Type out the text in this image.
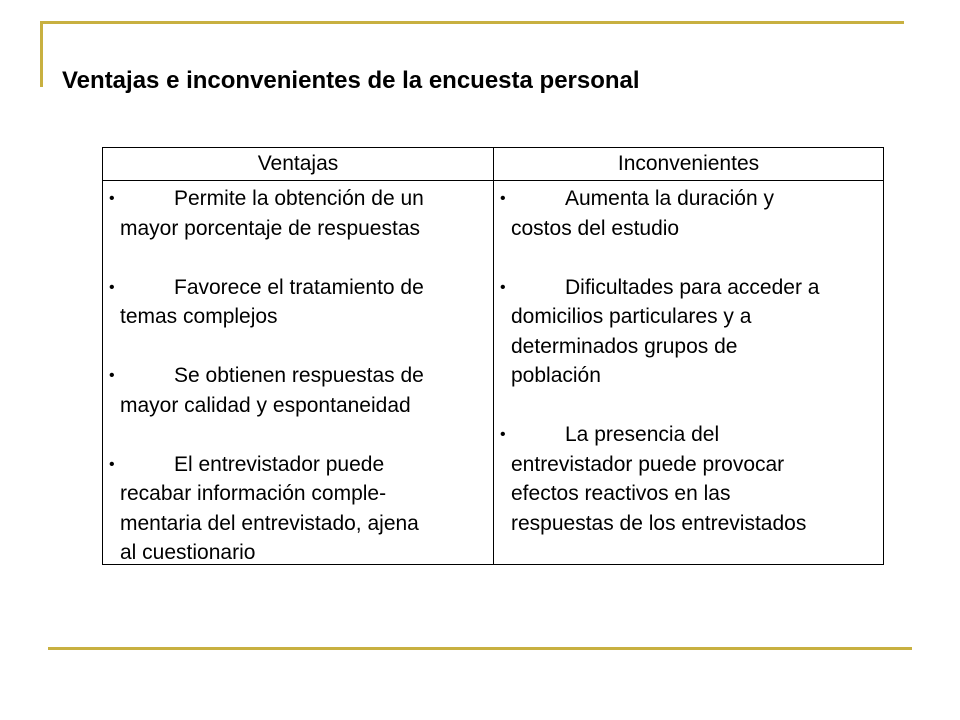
Ventajas e inconvenientes de la encuesta personal
Ventajas
•	Permite la obtención de un
mayor porcentaje de respuestas
•	Favorece el tratamiento de
temas complejos
•	Se obtienen respuestas de
mayor calidad y espontaneidad
•	El entrevistador puede
recabar información comple-
mentaria del entrevistado, ajena
al cuestionario
Inconvenientes
•	Aumenta la duración y
costos del estudio
•	Dificultades para acceder a
domicilios particulares y a
determinados grupos de
población
•	La presencia del
entrevistador puede provocar
efectos reactivos en las
respuestas de los entrevistados
